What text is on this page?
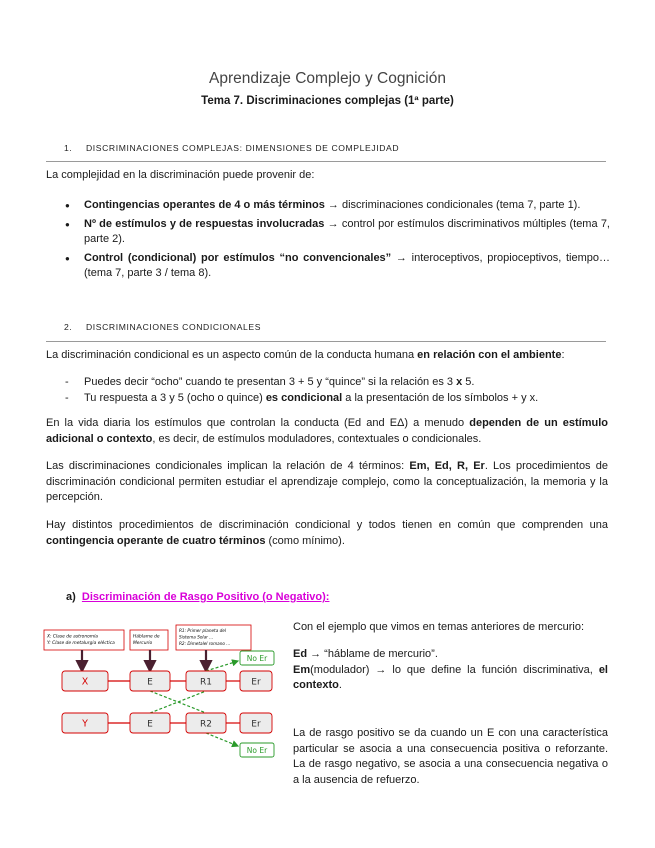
Aprendizaje Complejo y Cognición
Tema 7. Discriminaciones complejas (1ª parte)
1. DISCRIMINACIONES COMPLEJAS: DIMENSIONES DE COMPLEJIDAD
La complejidad en la discriminación puede provenir de:
● Contingencias operantes de 4 o más términos → discriminaciones condicionales (tema 7, parte 1).
● Nº de estímulos y de respuestas involucradas → control por estímulos discriminativos múltiples (tema 7, parte 2).
● Control (condicional) por estímulos “no convencionales” → interoceptivos, propioceptivos, tiempo… (tema 7, parte 3 / tema 8).
2. DISCRIMINACIONES CONDICIONALES
La discriminación condicional es un aspecto común de la conducta humana en relación con el ambiente:
- Puedes decir “ocho” cuando te presentan 3 + 5 y “quince” si la relación es 3 x 5.
- Tu respuesta a 3 y 5 (ocho o quince) es condicional a la presentación de los símbolos + y x.
En la vida diaria los estímulos que controlan la conducta (Ed and EΔ) a menudo dependen de un estímulo adicional o contexto, es decir, de estímulos moduladores, contextuales o condicionales.
Las discriminaciones condicionales implican la relación de 4 términos: Em, Ed, R, Er. Los procedimientos de discriminación condicional permiten estudiar el aprendizaje complejo, como la conceptualización, la memoria y la percepción.
Hay distintos procedimientos de discriminación condicional y todos tienen en común que comprenden una contingencia operante de cuatro términos (como mínimo).
a) Discriminación de Rasgo Positivo (o Negativo):
Con el ejemplo que vimos en temas anteriores de mercurio:
Ed → “háblame de mercurio”.
Em(modulador) → lo que define la función discriminativa, el contexto.
La de rasgo positivo se da cuando un E con una característica particular se asocia a una consecuencia positiva o reforzante. La de rasgo negativo, se asocia a una consecuencia negativa o a la ausencia de refuerzo.
X: Clase de astronomía
Y: Clase de metalurgia eléctica
Háblame de
Mercurio
R1: Primer planeta del
Sistema Solar ...
R2: Dimetalel romano ...
X	E	R1	Er
Y	E	R2	Er
No Er
No Er
